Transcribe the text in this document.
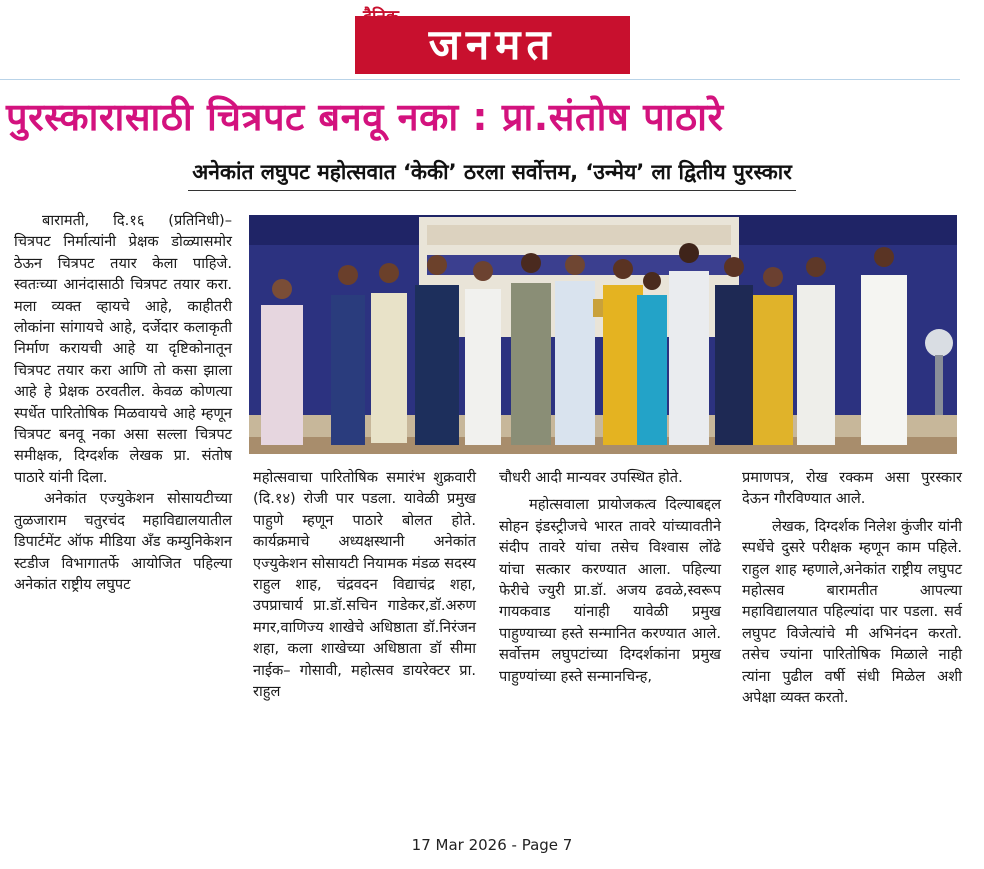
जनमत
पुरस्कारासाठी चित्रपट बनवू नका : प्रा.संतोष पाठारे
अनेकांत लघुपट महोत्सवात ‘केकी’ ठरला सर्वोत्तम, ‘उन्मेय’ ला द्वितीय पुरस्कार

बारामती, दि.१६ (प्रतिनिधी)– चित्रपट निर्मात्यांनी प्रेक्षक डोळ्यासमोर ठेऊन चित्रपट तयार केला पाहिजे. स्वतःच्या आनंदासाठी चित्रपट तयार करा. मला व्यक्त व्हायचे आहे, काहीतरी लोकांना सांगायचे आहे, दर्जेदार कलाकृती निर्माण करायची आहे या दृष्टिकोनातून चित्रपट तयार करा आणि तो कसा झाला आहे हे प्रेक्षक ठरवतील. केवळ कोणत्या स्पर्धेत पारितोषिक मिळवायचे आहे म्हणून चित्रपट बनवू नका असा सल्ला चित्रपट समीक्षक, दिग्दर्शक लेखक प्रा. संतोष पाठारे यांनी दिला.

अनेकांत एज्युकेशन सोसायटीच्या तुळजाराम चतुरचंद महाविद्यालयातील डिपार्टमेंट ऑफ मीडिया अँड कम्युनिकेशन स्टडीज विभागातर्फे आयोजित पहिल्या अनेकांत राष्ट्रीय लघुपट

महोत्सवाचा पारितोषिक समारंभ शुक्रवारी (दि.१४) रोजी पार पडला. यावेळी प्रमुख पाहुणे म्हणून पाठारे बोलत होते. कार्यक्रमाचे अध्यक्षस्थानी अनेकांत एज्युकेशन सोसायटी नियामक मंडळ सदस्य राहुल शाह, चंद्रवदन विद्याचंद्र शहा, उपप्राचार्य प्रा.डॉ.सचिन गाडेकर,डॉ.अरुण मगर,वाणिज्य शाखेचे अधिष्ठाता डॉ.निरंजन शहा, कला शाखेच्या अधिष्ठाता डॉ सीमा नाईक– गोसावी, महोत्सव डायरेक्टर प्रा. राहुल

चौधरी आदी मान्यवर उपस्थित होते.

महोत्सवाला प्रायोजकत्व दिल्याबद्दल सोहन इंडस्ट्रीजचे भारत तावरे यांच्यावतीने संदीप तावरे यांचा तसेच विश्वास लोंढे यांचा सत्कार करण्यात आला. पहिल्या फेरीचे ज्युरी प्रा.डॉ. अजय ढवळे,स्वरूप गायकवाड यांनाही यावेळी प्रमुख पाहुण्याच्या हस्ते सन्मानित करण्यात आले. सर्वोत्तम लघुपटांच्या दिग्दर्शकांना प्रमुख पाहुण्यांच्या हस्ते सन्मानचिन्ह,

प्रमाणपत्र, रोख रक्कम असा पुरस्कार देऊन गौरविण्यात आले.

लेखक, दिग्दर्शक निलेश कुंजीर यांनी स्पर्धेचे दुसरे परीक्षक म्हणून काम पहिले. राहुल शाह म्हणाले,अनेकांत राष्ट्रीय लघुपट महोत्सव बारामतीत आपल्या महाविद्यालयात पहिल्यांदा पार पडला. सर्व लघुपट विजेत्यांचे मी अभिनंदन करतो. तसेच ज्यांना पारितोषिक मिळाले नाही त्यांना पुढील वर्षी संधी मिळेल अशी अपेक्षा व्यक्त करतो.

17 Mar 2026 - Page 7
